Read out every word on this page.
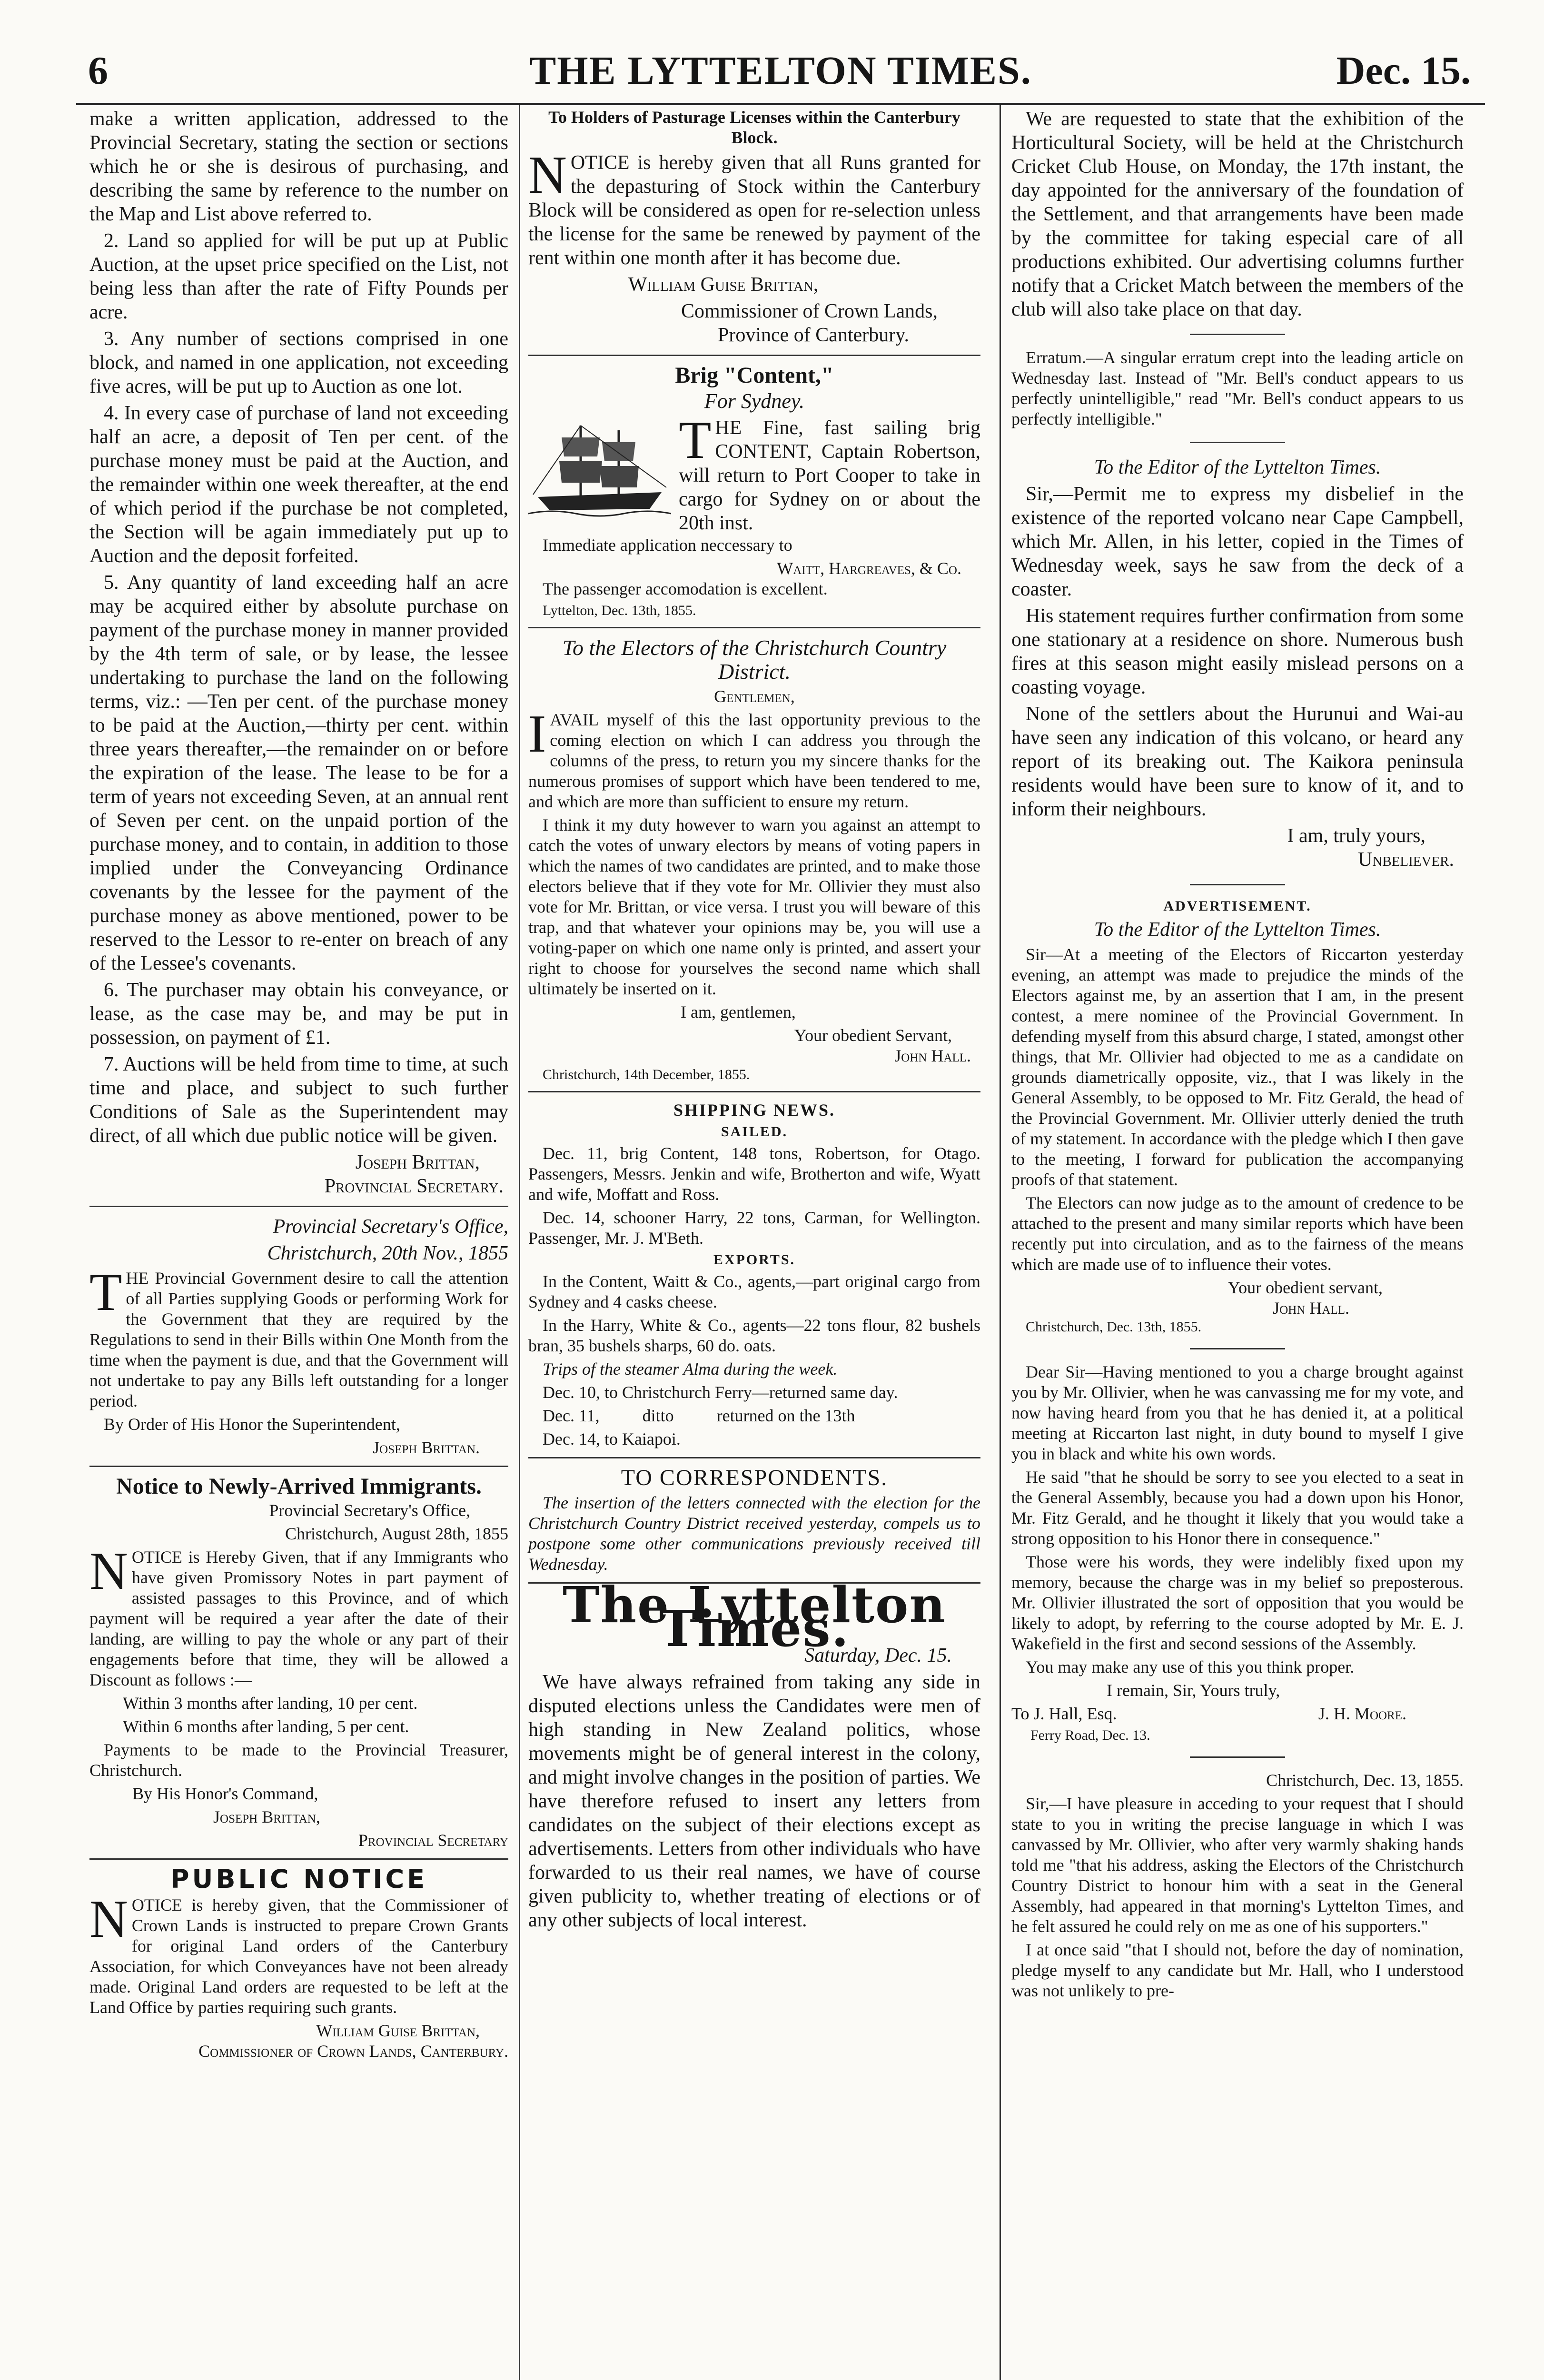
6	THE LYTTELTON TIMES.	Dec. 15.

make a written application, addressed to the Provincial Secretary, stating the section or sections which he or she is desirous of purchasing, and describing the same by reference to the number on the Map and List above referred to.

2. Land so applied for will be put up at Public Auction, at the upset price specified on the List, not being less than after the rate of Fifty Pounds per acre.

3. Any number of sections comprised in one block, and named in one application, not exceeding five acres, will be put up to Auction as one lot.

4. In every case of purchase of land not exceeding half an acre, a deposit of Ten per cent. of the purchase money must be paid at the Auction, and the remainder within one week thereafter, at the end of which period if the purchase be not completed, the Section will be again immediately put up to Auction and the deposit forfeited.

5. Any quantity of land exceeding half an acre may be acquired either by absolute purchase on payment of the purchase money in manner provided by the 4th term of sale, or by lease, the lessee undertaking to purchase the land on the following terms, viz.: —Ten per cent. of the purchase money to be paid at the Auction,—thirty per cent. within three years thereafter,—the remainder on or before the expiration of the lease. The lease to be for a term of years not exceeding Seven, at an annual rent of Seven per cent. on the unpaid portion of the purchase money, and to contain, in addition to those implied under the Conveyancing Ordinance covenants by the lessee for the payment of the purchase money as above mentioned, power to be reserved to the Lessor to re-enter on breach of any of the Lessee's covenants.

6. The purchaser may obtain his conveyance, or lease, as the case may be, and may be put in possession, on payment of £1.

7. Auctions will be held from time to time, at such time and place, and subject to such further Conditions of Sale as the Superintendent may direct, of all which due public notice will be given.

Joseph Brittan,

Provincial Secretary.

Provincial Secretary's Office,

Christchurch, 20th Nov., 1855

THE Provincial Government desire to call the attention of all Parties supplying Goods or performing Work for the Government that they are required by the Regulations to send in their Bills within One Month from the time when the payment is due, and that the Government will not undertake to pay any Bills left outstanding for a longer period.

By Order of His Honor the Superintendent,

Joseph Brittan.

Notice to Newly-Arrived Immigrants.

Provincial Secretary's Office,

Christchurch, August 28th, 1855

NOTICE is Hereby Given, that if any Immigrants who have given Promissory Notes in part payment of assisted passages to this Province, and of which payment will be required a year after the date of their landing, are willing to pay the whole or any part of their engagements before that time, they will be allowed a Discount as follows :—

Within 3 months after landing, 10 per cent.

Within 6 months after landing, 5 per cent.

Payments to be made to the Provincial Treasurer, Christchurch.

By His Honor's Command,

Joseph Brittan,

Provincial Secretary

PUBLIC NOTICE

NOTICE is hereby given, that the Commissioner of Crown Lands is instructed to prepare Crown Grants for original Land orders of the Canterbury Association, for which Conveyances have not been already made. Original Land orders are requested to be left at the Land Office by parties requiring such grants.

William Guise Brittan,

Commissioner of Crown Lands, Canterbury.

To Holders of Pasturage Licenses within the Canterbury Block.

NOTICE is hereby given that all Runs granted for the depasturing of Stock within the Canterbury Block will be considered as open for re-selection unless the license for the same be renewed by payment of the rent within one month after it has become due.

William Guise Brittan,

Commissioner of Crown Lands,

Province of Canterbury.

Brig "Content,"

For Sydney.

THE Fine, fast sailing brig CONTENT, Captain Robertson, will return to Port Cooper to take in cargo for Sydney on or about the 20th inst.

Immediate application neccessary to

Waitt, Hargreaves, & Co.

The passenger accomodation is excellent.

Lyttelton, Dec. 13th, 1855.

To the Electors of the Christchurch Country District.

Gentlemen,

IAVAIL myself of this the last opportunity previous to the coming election on which I can address you through the columns of the press, to return you my sincere thanks for the numerous promises of support which have been tendered to me, and which are more than sufficient to ensure my return.

I think it my duty however to warn you against an attempt to catch the votes of unwary electors by means of voting papers in which the names of two candidates are printed, and to make those electors believe that if they vote for Mr. Ollivier they must also vote for Mr. Brittan, or vice versa. I trust you will beware of this trap, and that whatever your opinions may be, you will use a voting-paper on which one name only is printed, and assert your right to choose for yourselves the second name which shall ultimately be inserted on it.

I am, gentlemen,

Your obedient Servant,

John Hall.

Christchurch, 14th December, 1855.

SHIPPING NEWS.

SAILED.

Dec. 11, brig Content, 148 tons, Robertson, for Otago. Passengers, Messrs. Jenkin and wife, Brotherton and wife, Wyatt and wife, Moffatt and Ross.

Dec. 14, schooner Harry, 22 tons, Carman, for Wellington. Passenger, Mr. J. M'Beth.

EXPORTS.

In the Content, Waitt & Co., agents,—part original cargo from Sydney and 4 casks cheese.

In the Harry, White & Co., agents—22 tons flour, 82 bushels bran, 35 bushels sharps, 60 do. oats.

Trips of the steamer Alma during the week.

Dec. 10, to Christchurch Ferry—returned same day.

Dec. 11,          ditto          returned on the 13th

Dec. 14, to Kaiapoi.

TO CORRESPONDENTS.

The insertion of the letters connected with the election for the Christchurch Country District received yesterday, compels us to postpone some other communications previously received till Wednesday.

The Lyttelton Times.

Saturday, Dec. 15.

We have always refrained from taking any side in disputed elections unless the Candidates were men of high standing in New Zealand politics, whose movements might be of general interest in the colony, and might involve changes in the position of parties. We have therefore refused to insert any letters from candidates on the subject of their elections except as advertisements. Letters from other individuals who have forwarded to us their real names, we have of course given publicity to, whether treating of elections or of any other subjects of local interest.

We are requested to state that the exhibition of the Horticultural Society, will be held at the Christchurch Cricket Club House, on Monday, the 17th instant, the day appointed for the anniversary of the foundation of the Settlement, and that arrangements have been made by the committee for taking especial care of all productions exhibited. Our advertising columns further notify that a Cricket Match between the members of the club will also take place on that day.

Erratum.—A singular erratum crept into the leading article on Wednesday last. Instead of "Mr. Bell's conduct appears to us perfectly unintelligible," read "Mr. Bell's conduct appears to us perfectly intelligible."

To the Editor of the Lyttelton Times.

Sir,—Permit me to express my disbelief in the existence of the reported volcano near Cape Campbell, which Mr. Allen, in his letter, copied in the Times of Wednesday week, says he saw from the deck of a coaster.

His statement requires further confirmation from some one stationary at a residence on shore. Numerous bush fires at this season might easily mislead persons on a coasting voyage.

None of the settlers about the Hurunui and Wai-au have seen any indication of this volcano, or heard any report of its breaking out. The Kaikora peninsula residents would have been sure to know of it, and to inform their neighbours.

I am, truly yours,

Unbeliever.

ADVERTISEMENT.

To the Editor of the Lyttelton Times.

Sir—At a meeting of the Electors of Riccarton yesterday evening, an attempt was made to prejudice the minds of the Electors against me, by an assertion that I am, in the present contest, a mere nominee of the Provincial Government. In defending myself from this absurd charge, I stated, amongst other things, that Mr. Ollivier had objected to me as a candidate on grounds diametrically opposite, viz., that I was likely in the General Assembly, to be opposed to Mr. Fitz Gerald, the head of the Provincial Government. Mr. Ollivier utterly denied the truth of my statement. In accordance with the pledge which I then gave to the meeting, I forward for publication the accompanying proofs of that statement.

The Electors can now judge as to the amount of credence to be attached to the present and many similar reports which have been recently put into circulation, and as to the fairness of the means which are made use of to influence their votes.

Your obedient servant,

John Hall.

Christchurch, Dec. 13th, 1855.

Dear Sir—Having mentioned to you a charge brought against you by Mr. Ollivier, when he was canvassing me for my vote, and now having heard from you that he has denied it, at a political meeting at Riccarton last night, in duty bound to myself I give you in black and white his own words.

He said "that he should be sorry to see you elected to a seat in the General Assembly, because you had a down upon his Honor, Mr. Fitz Gerald, and he thought it likely that you would take a strong opposition to his Honor there in consequence."

Those were his words, they were indelibly fixed upon my memory, because the charge was in my belief so preposterous. Mr. Ollivier illustrated the sort of opposition that you would be likely to adopt, by referring to the course adopted by Mr. E. J. Wakefield in the first and second sessions of the Assembly.

You may make any use of this you think proper.

I remain, Sir, Yours truly,

To J. Hall, Esq.	J. H. Moore.

Ferry Road, Dec. 13.

Christchurch, Dec. 13, 1855.

Sir,—I have pleasure in acceding to your request that I should state to you in writing the precise language in which I was canvassed by Mr. Ollivier, who after very warmly shaking hands told me "that his address, asking the Electors of the Christchurch Country District to honour him with a seat in the General Assembly, had appeared in that morning's Lyttelton Times, and he felt assured he could rely on me as one of his supporters."

I at once said "that I should not, before the day of nomination, pledge myself to any candidate but Mr. Hall, who I understood was not unlikely to pre-
